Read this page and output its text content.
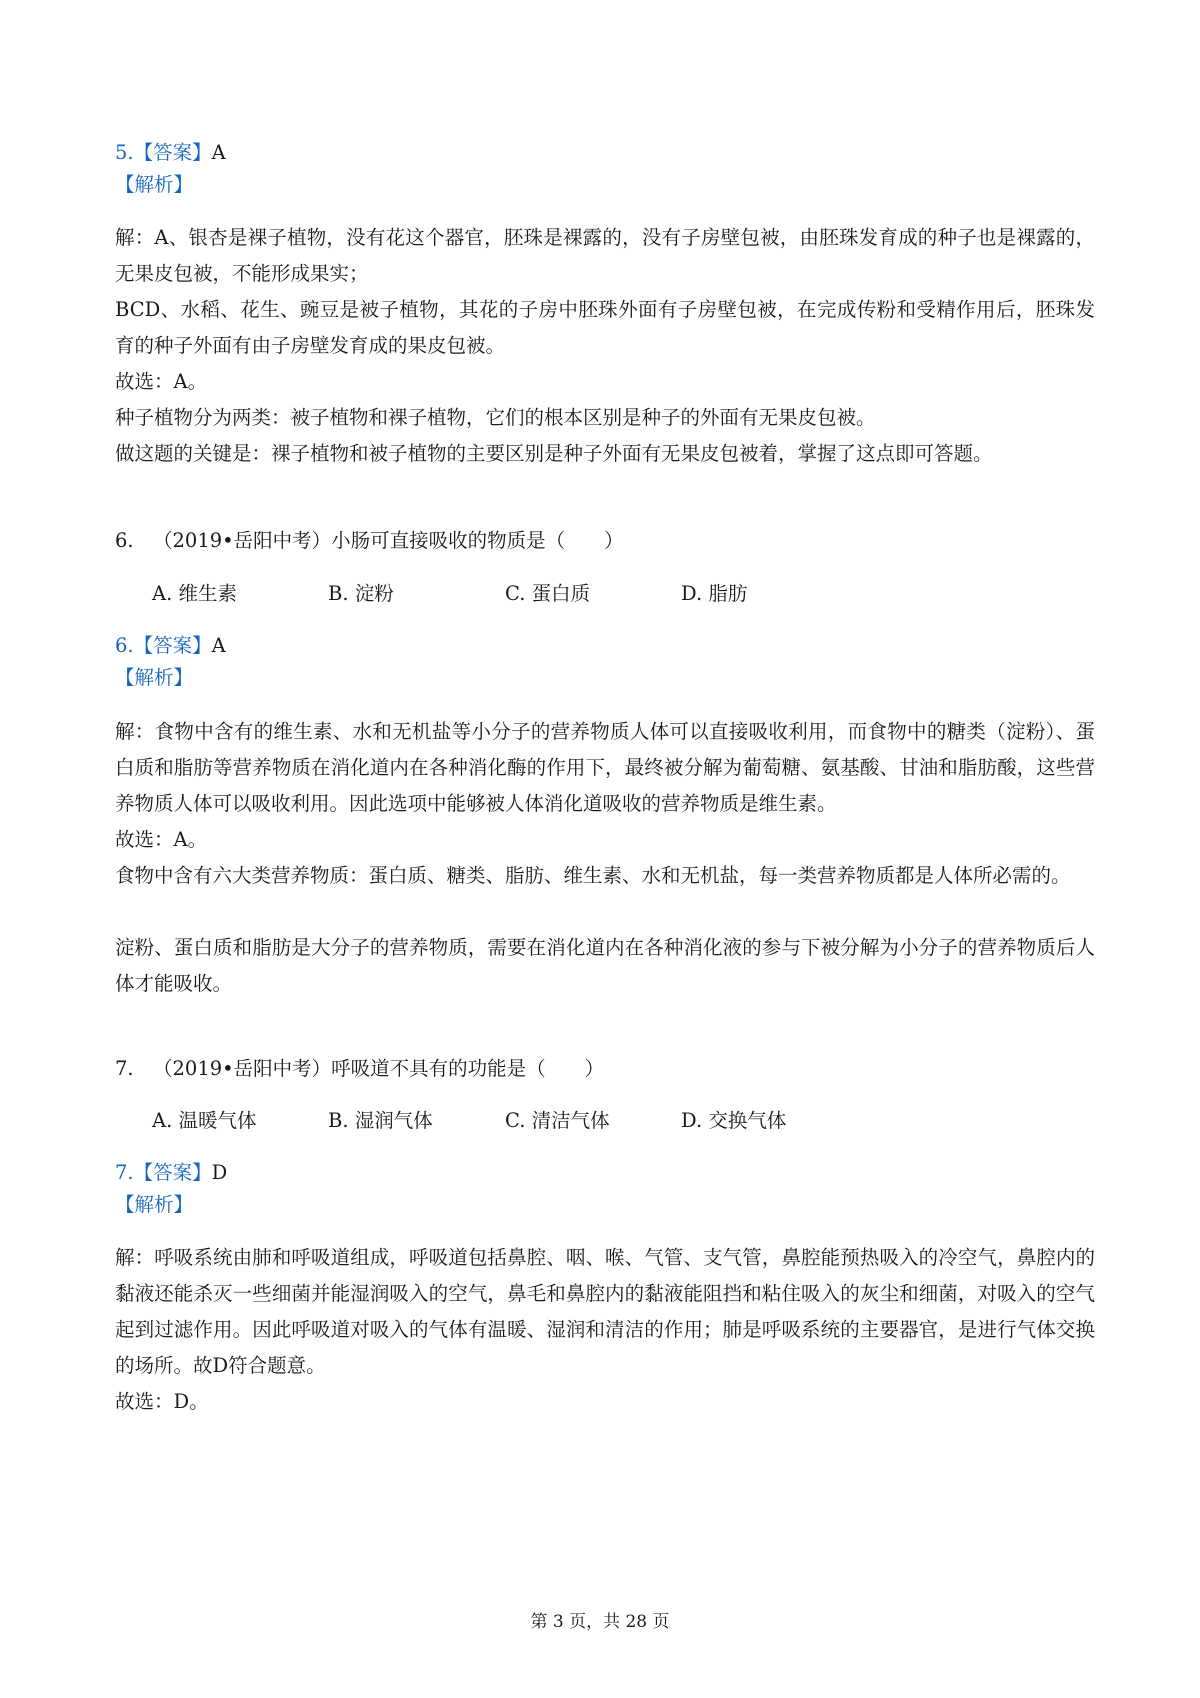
5.【答案】A
【解析】
解：A、银杏是裸子植物，没有花这个器官，胚珠是裸露的，没有子房壁包被，由胚珠发育成的种子也是裸露的，无果皮包被，不能形成果实；
BCD、水稻、花生、豌豆是被子植物，其花的子房中胚珠外面有子房壁包被，在完成传粉和受精作用后，胚珠发育的种子外面有由子房壁发育成的果皮包被。
故选：A。
种子植物分为两类：被子植物和裸子植物，它们的根本区别是种子的外面有无果皮包被。
做这题的关键是：裸子植物和被子植物的主要区别是种子外面有无果皮包被着，掌握了这点即可答题。
6. （2019•岳阳中考）小肠可直接吸收的物质是（　　）
A. 维生素	B. 淀粉	C. 蛋白质	D. 脂肪
6.【答案】A
【解析】
解：食物中含有的维生素、水和无机盐等小分子的营养物质人体可以直接吸收利用，而食物中的糖类（淀粉）、蛋白质和脂肪等营养物质在消化道内在各种消化酶的作用下，最终被分解为葡萄糖、氨基酸、甘油和脂肪酸，这些营养物质人体可以吸收利用。因此选项中能够被人体消化道吸收的营养物质是维生素。
故选：A。
食物中含有六大类营养物质：蛋白质、糖类、脂肪、维生素、水和无机盐，每一类营养物质都是人体所必需的。
淀粉、蛋白质和脂肪是大分子的营养物质，需要在消化道内在各种消化液的参与下被分解为小分子的营养物质后人体才能吸收。
7. （2019•岳阳中考）呼吸道不具有的功能是（　　）
A. 温暖气体	B. 湿润气体	C. 清洁气体	D. 交换气体
7.【答案】D
【解析】
解：呼吸系统由肺和呼吸道组成，呼吸道包括鼻腔、咽、喉、气管、支气管，鼻腔能预热吸入的冷空气，鼻腔内的黏液还能杀灭一些细菌并能湿润吸入的空气，鼻毛和鼻腔内的黏液能阻挡和粘住吸入的灰尘和细菌，对吸入的空气起到过滤作用。因此呼吸道对吸入的气体有温暖、湿润和清洁的作用；肺是呼吸系统的主要器官，是进行气体交换的场所。故D符合题意。
故选：D。
第 3 页，共 28 页
